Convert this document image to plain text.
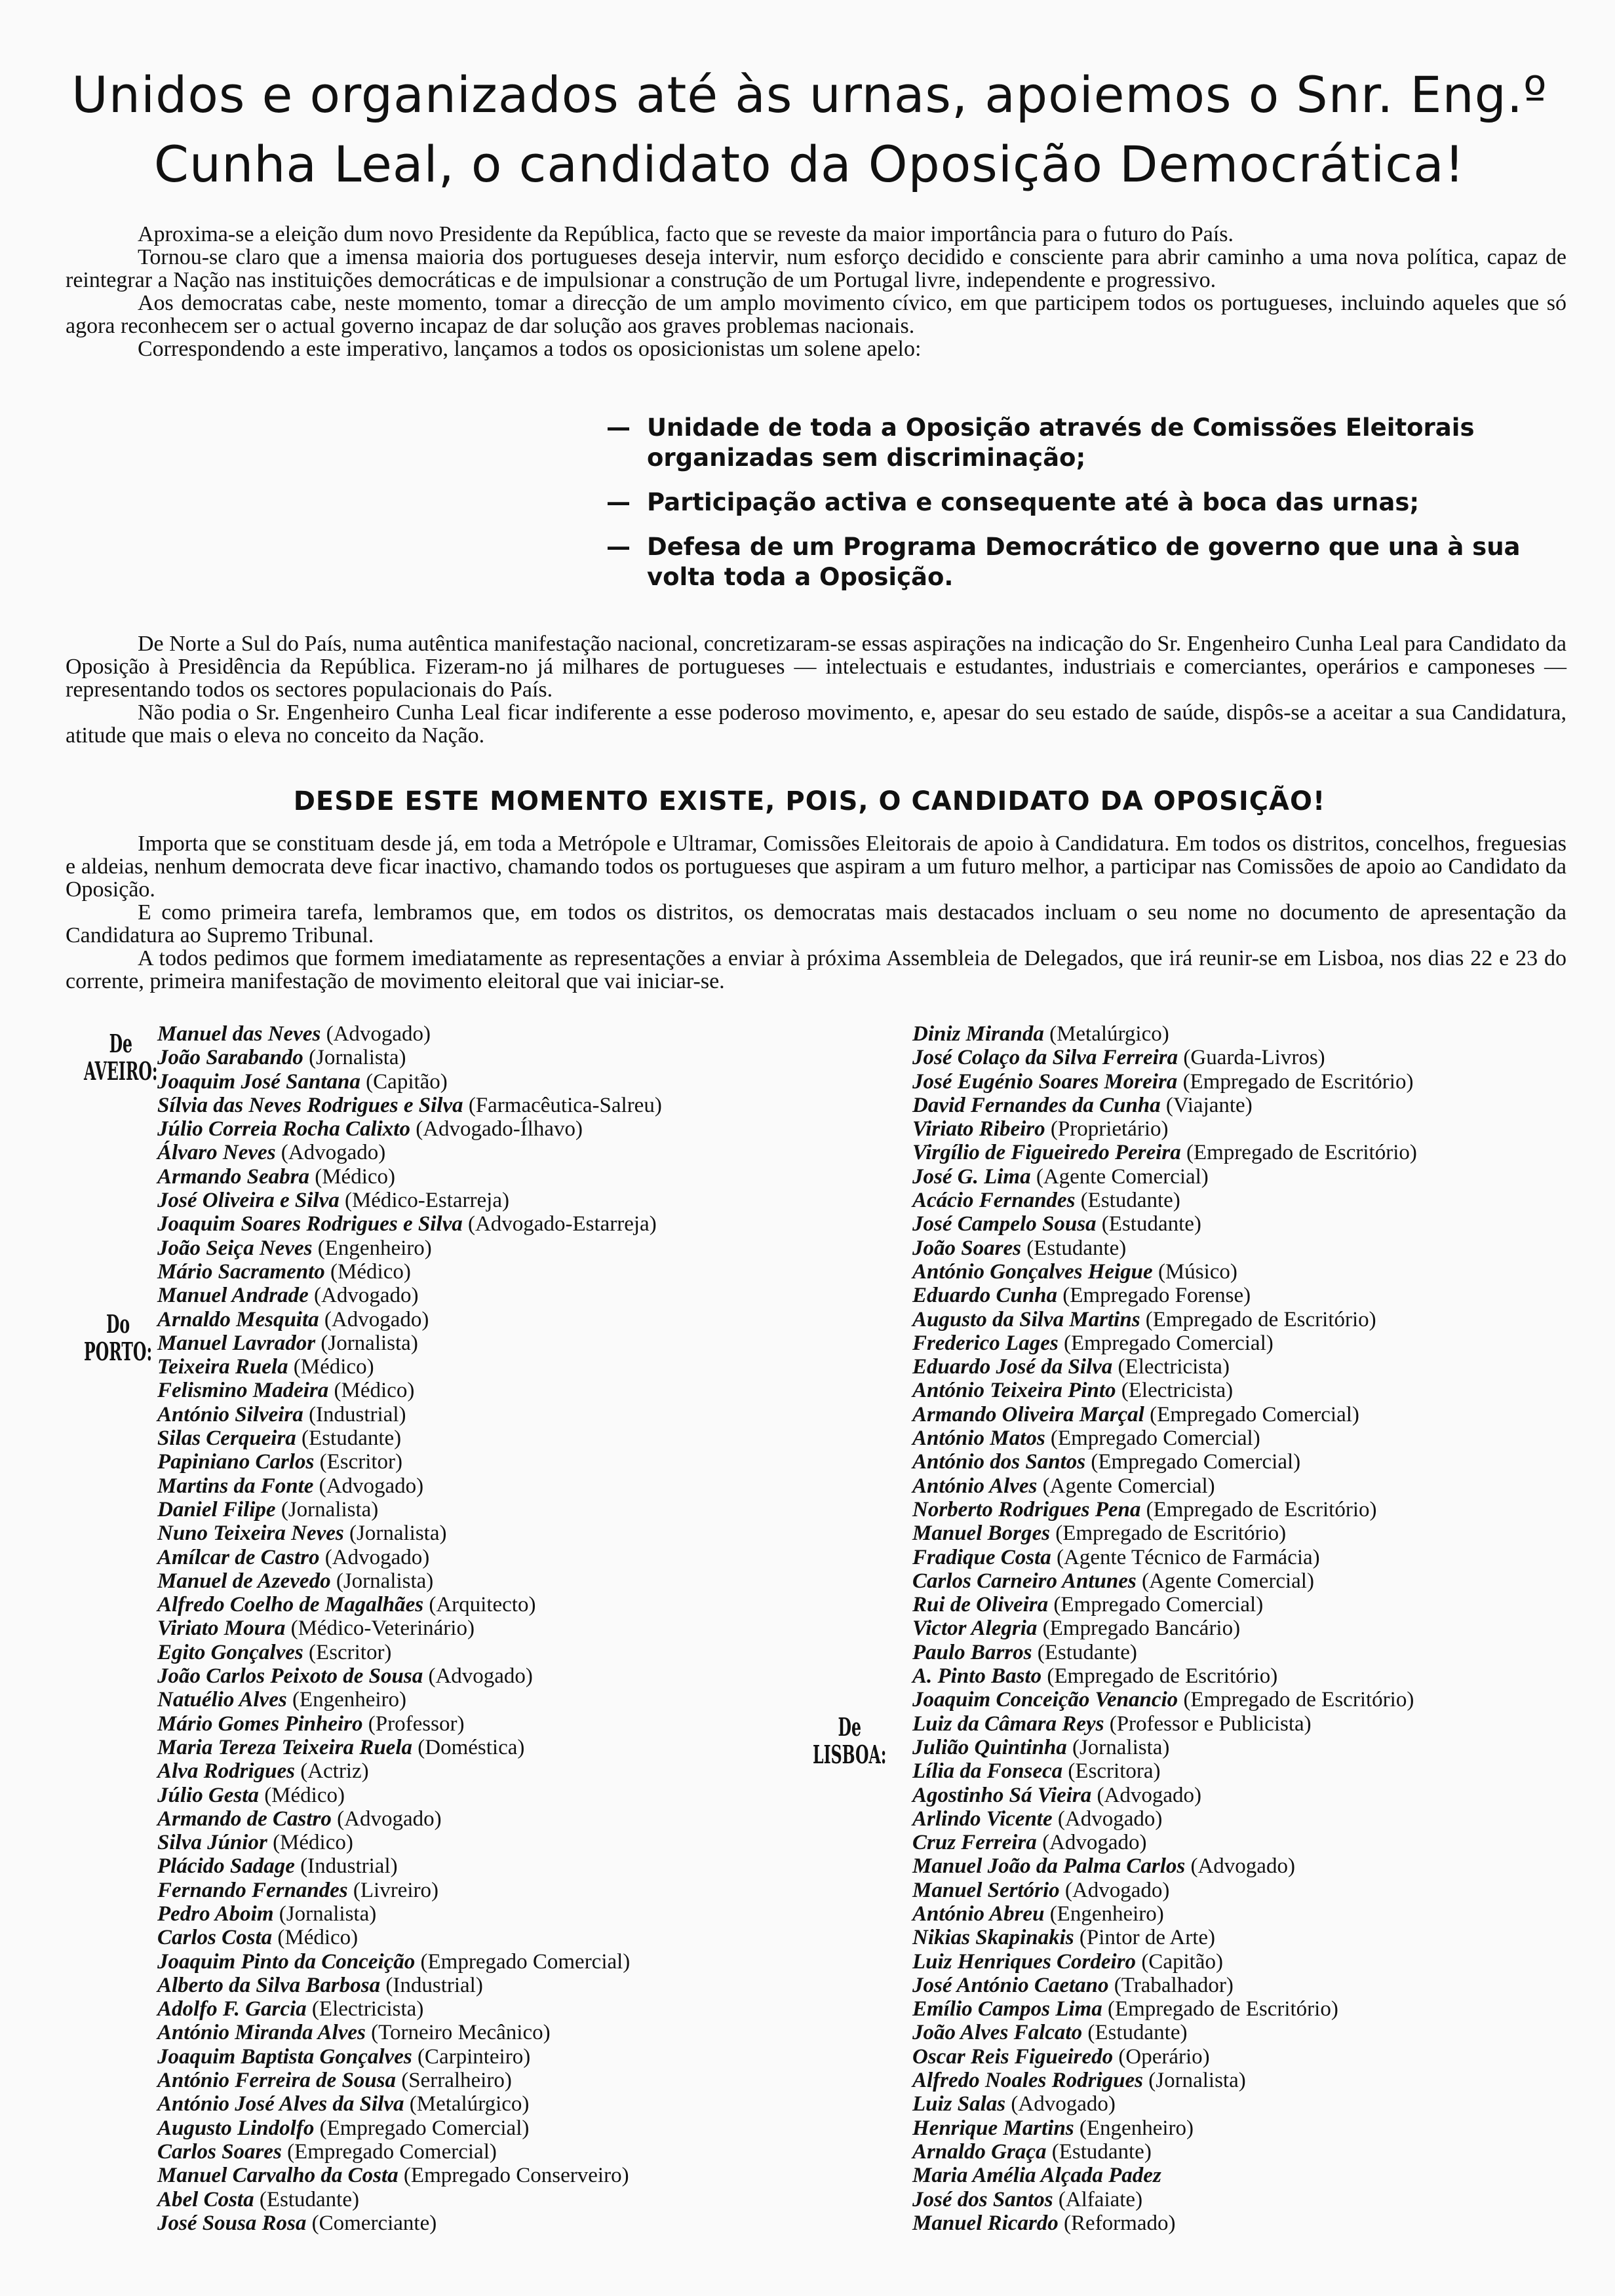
Unidos e organizados até às urnas, apoiemos o Snr. Eng.º
Cunha Leal, o candidato da Oposição Democrática!

Aproxima-se a eleição dum novo Presidente da República, facto que se reveste da maior importância para o futuro do País.

Tornou-se claro que a imensa maioria dos portugueses deseja intervir, num esforço decidido e consciente para abrir caminho a uma nova política, capaz de reintegrar a Nação nas instituições democráticas e de impulsionar a construção de um Portugal livre, independente e progressivo.

Aos democratas cabe, neste momento, tomar a direcção de um amplo movimento cívico, em que participem todos os portugueses, incluindo aqueles que só agora reconhecem ser o actual governo incapaz de dar solução aos graves problemas nacionais.

Correspondendo a este imperativo, lançamos a todos os oposicionistas um solene apelo:

— Unidade de toda a Oposição através de Comissões Eleitorais organizadas sem discriminação;
— Participação activa e consequente até à boca das urnas;
— Defesa de um Programa Democrático de governo que una à sua volta toda a Oposição.

De Norte a Sul do País, numa autêntica manifestação nacional, concretizaram-se essas aspirações na indicação do Sr. Engenheiro Cunha Leal para Candidato da Oposição à Presidência da República. Fizeram-no já milhares de portugueses — intelectuais e estudantes, industriais e comerciantes, operários e camponeses — representando todos os sectores populacionais do País.

Não podia o Sr. Engenheiro Cunha Leal ficar indiferente a esse poderoso movimento, e, apesar do seu estado de saúde, dispôs-se a aceitar a sua Candidatura, atitude que mais o eleva no conceito da Nação.

DESDE ESTE MOMENTO EXISTE, POIS, O CANDIDATO DA OPOSIÇÃO!

Importa que se constituam desde já, em toda a Metrópole e Ultramar, Comissões Eleitorais de apoio à Candidatura. Em todos os distritos, concelhos, freguesias e aldeias, nenhum democrata deve ficar inactivo, chamando todos os portugueses que aspiram a um futuro melhor, a participar nas Comissões de apoio ao Candidato da Oposição.

E como primeira tarefa, lembramos que, em todos os distritos, os democratas mais destacados incluam o seu nome no documento de apresentação da Candidatura ao Supremo Tribunal.

A todos pedimos que formem imediatamente as representações a enviar à próxima Assembleia de Delegados, que irá reunir-se em Lisboa, nos dias 22 e 23 do corrente, primeira manifestação de movimento eleitoral que vai iniciar-se.

De
AVEIRO:
Do
PORTO:
De
LISBOA:
Manuel das Neves (Advogado)
João Sarabando (Jornalista)
Joaquim José Santana (Capitão)
Sílvia das Neves Rodrigues e Silva (Farmacêutica-Salreu)
Júlio Correia Rocha Calixto (Advogado-Ílhavo)
Álvaro Neves (Advogado)
Armando Seabra (Médico)
José Oliveira e Silva (Médico-Estarreja)
Joaquim Soares Rodrigues e Silva (Advogado-Estarreja)
João Seiça Neves (Engenheiro)
Mário Sacramento (Médico)
Manuel Andrade (Advogado)
Arnaldo Mesquita (Advogado)
Manuel Lavrador (Jornalista)
Teixeira Ruela (Médico)
Felismino Madeira (Médico)
António Silveira (Industrial)
Silas Cerqueira (Estudante)
Papiniano Carlos (Escritor)
Martins da Fonte (Advogado)
Daniel Filipe (Jornalista)
Nuno Teixeira Neves (Jornalista)
Amílcar de Castro (Advogado)
Manuel de Azevedo (Jornalista)
Alfredo Coelho de Magalhães (Arquitecto)
Viriato Moura (Médico-Veterinário)
Egito Gonçalves (Escritor)
João Carlos Peixoto de Sousa (Advogado)
Natuélio Alves (Engenheiro)
Mário Gomes Pinheiro (Professor)
Maria Tereza Teixeira Ruela (Doméstica)
Alva Rodrigues (Actriz)
Júlio Gesta (Médico)
Armando de Castro (Advogado)
Silva Júnior (Médico)
Plácido Sadage (Industrial)
Fernando Fernandes (Livreiro)
Pedro Aboim (Jornalista)
Carlos Costa (Médico)
Joaquim Pinto da Conceição (Empregado Comercial)
Alberto da Silva Barbosa (Industrial)
Adolfo F. Garcia (Electricista)
António Miranda Alves (Torneiro Mecânico)
Joaquim Baptista Gonçalves (Carpinteiro)
António Ferreira de Sousa (Serralheiro)
António José Alves da Silva (Metalúrgico)
Augusto Lindolfo (Empregado Comercial)
Carlos Soares (Empregado Comercial)
Manuel Carvalho da Costa (Empregado Conserveiro)
Abel Costa (Estudante)
José Sousa Rosa (Comerciante)
Diniz Miranda (Metalúrgico)
José Colaço da Silva Ferreira (Guarda-Livros)
José Eugénio Soares Moreira (Empregado de Escritório)
David Fernandes da Cunha (Viajante)
Viriato Ribeiro (Proprietário)
Virgílio de Figueiredo Pereira (Empregado de Escritório)
José G. Lima (Agente Comercial)
Acácio Fernandes (Estudante)
José Campelo Sousa (Estudante)
João Soares (Estudante)
António Gonçalves Heigue (Músico)
Eduardo Cunha (Empregado Forense)
Augusto da Silva Martins (Empregado de Escritório)
Frederico Lages (Empregado Comercial)
Eduardo José da Silva (Electricista)
António Teixeira Pinto (Electricista)
Armando Oliveira Marçal (Empregado Comercial)
António Matos (Empregado Comercial)
António dos Santos (Empregado Comercial)
António Alves (Agente Comercial)
Norberto Rodrigues Pena (Empregado de Escritório)
Manuel Borges (Empregado de Escritório)
Fradique Costa (Agente Técnico de Farmácia)
Carlos Carneiro Antunes (Agente Comercial)
Rui de Oliveira (Empregado Comercial)
Victor Alegria (Empregado Bancário)
Paulo Barros (Estudante)
A. Pinto Basto (Empregado de Escritório)
Joaquim Conceição Venancio (Empregado de Escritório)
Luiz da Câmara Reys (Professor e Publicista)
Julião Quintinha (Jornalista)
Lília da Fonseca (Escritora)
Agostinho Sá Vieira (Advogado)
Arlindo Vicente (Advogado)
Cruz Ferreira (Advogado)
Manuel João da Palma Carlos (Advogado)
Manuel Sertório (Advogado)
António Abreu (Engenheiro)
Nikias Skapinakis (Pintor de Arte)
Luiz Henriques Cordeiro (Capitão)
José António Caetano (Trabalhador)
Emílio Campos Lima (Empregado de Escritório)
João Alves Falcato (Estudante)
Oscar Reis Figueiredo (Operário)
Alfredo Noales Rodrigues (Jornalista)
Luiz Salas (Advogado)
Henrique Martins (Engenheiro)
Arnaldo Graça (Estudante)
Maria Amélia Alçada Padez
José dos Santos (Alfaiate)
Manuel Ricardo (Reformado)
